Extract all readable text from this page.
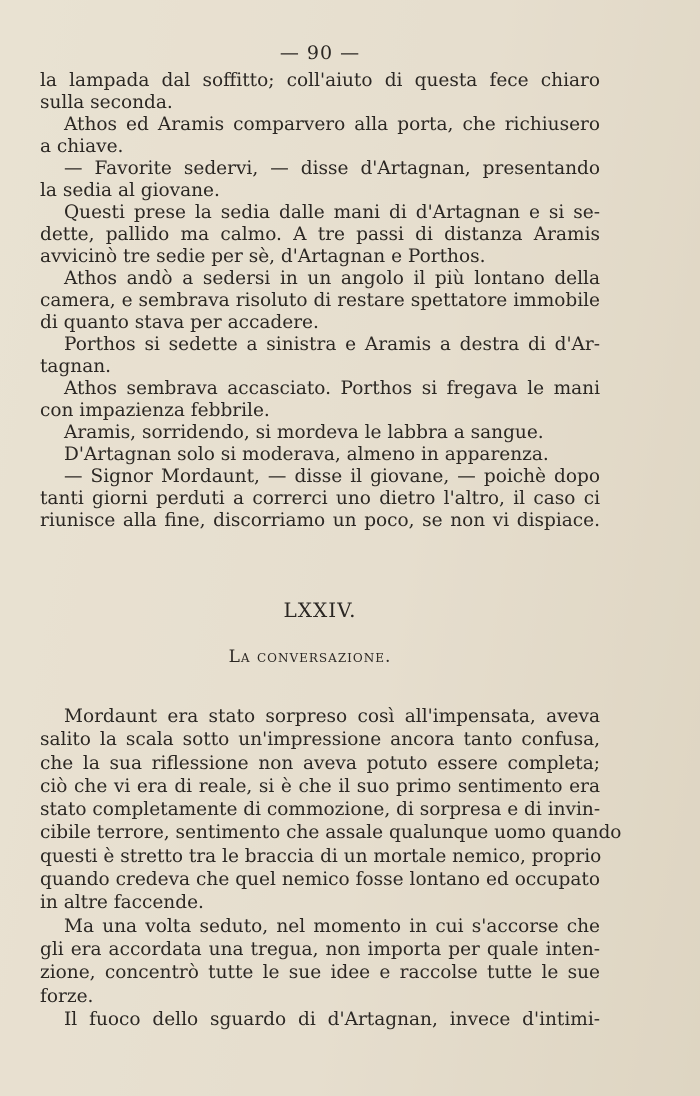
— 90 —
la lampada dal soffitto; coll'aiuto di questa fece chiaro
sulla seconda.
Athos ed Aramis comparvero alla porta, che richiusero
a chiave.
— Favorite sedervi, — disse d'Artagnan, presentando
la sedia al giovane.
Questi prese la sedia dalle mani di d'Artagnan e si se-
dette, pallido ma calmo. A tre passi di distanza Aramis
avvicinò tre sedie per sè, d'Artagnan e Porthos.
Athos andò a sedersi in un angolo il più lontano della
camera, e sembrava risoluto di restare spettatore immobile
di quanto stava per accadere.
Porthos si sedette a sinistra e Aramis a destra di d'Ar-
tagnan.
Athos sembrava accasciato. Porthos si fregava le mani
con impazienza febbrile.
Aramis, sorridendo, si mordeva le labbra a sangue.
D'Artagnan solo si moderava, almeno in apparenza.
— Signor Mordaunt, — disse il giovane, — poichè dopo
tanti giorni perduti a correrci uno dietro l'altro, il caso ci
riunisce alla fine, discorriamo un poco, se non vi dispiace.
LXXIV.
La conversazione.
Mordaunt era stato sorpreso così all'impensata, aveva
salito la scala sotto un'impressione ancora tanto confusa,
che la sua riflessione non aveva potuto essere completa;
ciò che vi era di reale, si è che il suo primo sentimento era
stato completamente di commozione, di sorpresa e di invin-
cibile terrore, sentimento che assale qualunque uomo quando
questi è stretto tra le braccia di un mortale nemico, proprio
quando credeva che quel nemico fosse lontano ed occupato
in altre faccende.
Ma una volta seduto, nel momento in cui s'accorse che
gli era accordata una tregua, non importa per quale inten-
zione, concentrò tutte le sue idee e raccolse tutte le sue
forze.
Il fuoco dello sguardo di d'Artagnan, invece d'intimi-
